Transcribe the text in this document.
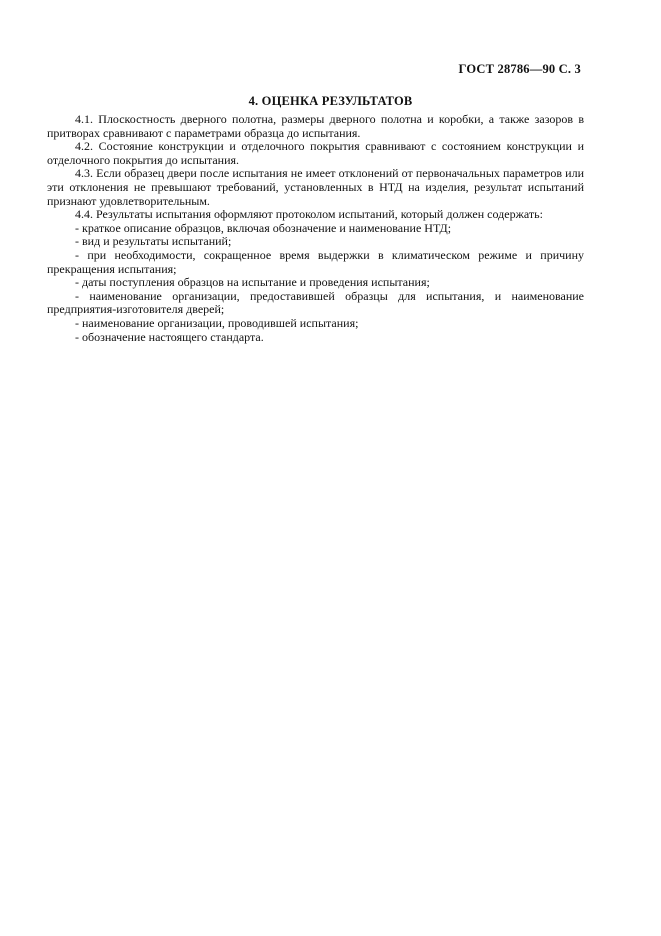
ГОСТ 28786—90 С. 3
4. ОЦЕНКА РЕЗУЛЬТАТОВ

4.1. Плоскостность дверного полотна, размеры дверного полотна и коробки, а также зазоров в притворах сравнивают с параметрами образца до испытания.

4.2. Состояние конструкции и отделочного покрытия сравнивают с состоянием конструкции и отделочного покрытия до испытания.

4.3. Если образец двери после испытания не имеет отклонений от первоначальных параметров или эти отклонения не превышают требований, установленных в НТД на изделия, результат испытаний признают удовлетворительным.

4.4. Результаты испытания оформляют протоколом испытаний, который должен содержать:

- краткое описание образцов, включая обозначение и наименование НТД;

- вид и результаты испытаний;

- при необходимости, сокращенное время выдержки в климатическом режиме и причину прекращения испытания;

- даты поступления образцов на испытание и проведения испытания;

- наименование организации, предоставившей образцы для испытания, и наименование предприятия-изготовителя дверей;

- наименование организации, проводившей испытания;

- обозначение настоящего стандарта.
